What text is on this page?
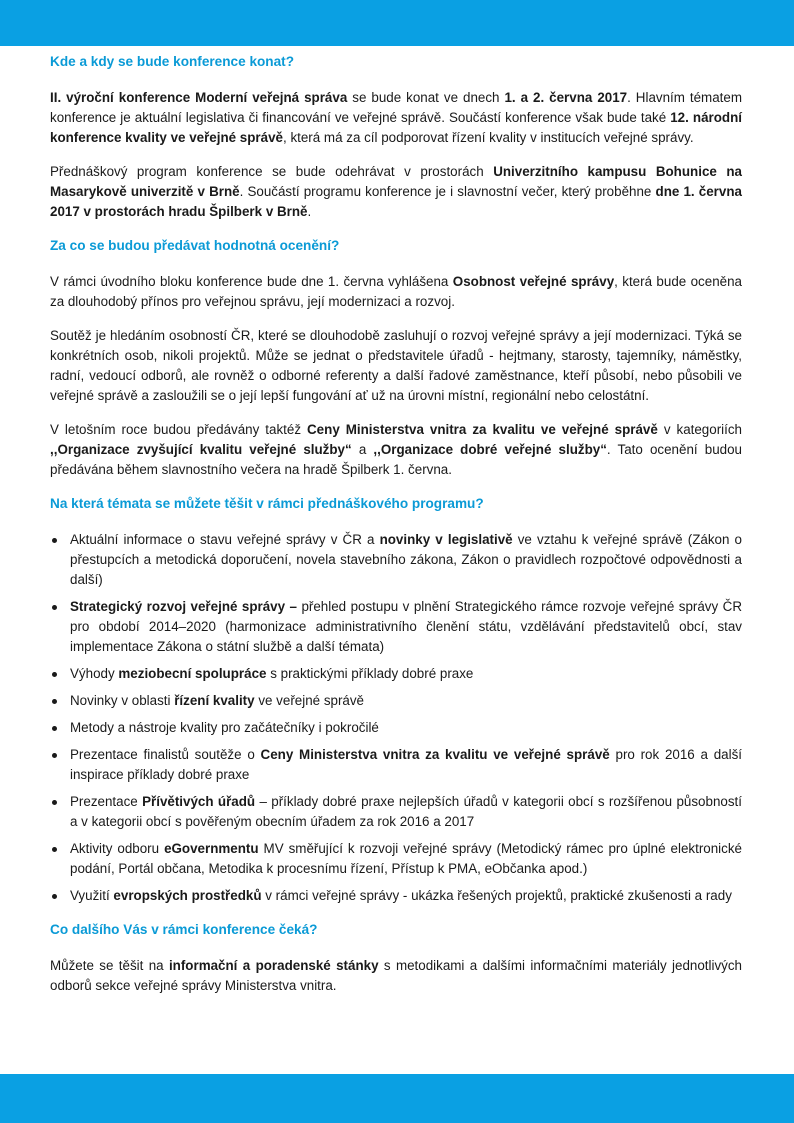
Kde a kdy se bude konference konat?

II. výroční konference Moderní veřejná správa se bude konat ve dnech 1. a 2. června 2017. Hlavním tématem konference je aktuální legislativa či financování ve veřejné správě. Součástí konference však bude také 12. národní konference kvality ve veřejné správě, která má za cíl podporovat řízení kvality v institucích veřejné správy.

Přednáškový program konference se bude odehrávat v prostorách Univerzitního kampusu Bohunice na Masarykově univerzitě v Brně. Součástí programu konference je i slavnostní večer, který proběhne dne 1. června 2017 v prostorách hradu Špilberk v Brně.

Za co se budou předávat hodnotná ocenění?

V rámci úvodního bloku konference bude dne 1. června vyhlášena Osobnost veřejné správy, která bude oceněna za dlouhodobý přínos pro veřejnou správu, její modernizaci a rozvoj.

Soutěž je hledáním osobností ČR, které se dlouhodobě zasluhují o rozvoj veřejné správy a její modernizaci. Týká se konkrétních osob, nikoli projektů. Může se jednat o představitele úřadů - hejtmany, starosty, tajemníky, náměstky, radní, vedoucí odborů, ale rovněž o odborné referenty a další řadové zaměstnance, kteří působí, nebo působili ve veřejné správě a zasloužili se o její lepší fungování ať už na úrovni místní, regionální nebo celostátní.

V letošním roce budou předávány taktéž Ceny Ministerstva vnitra za kvalitu ve veřejné správě v kategoriích ,,Organizace zvyšující kvalitu veřejné služby“ a ,,Organizace dobré veřejné služby“. Tato ocenění budou předávána během slavnostního večera na hradě Špilberk 1. června.

Na která témata se můžete těšit v rámci přednáškového programu?
Aktuální informace o stavu veřejné správy v ČR a novinky v legislativě ve vztahu k veřejné správě (Zákon o přestupcích a metodická doporučení, novela stavebního zákona, Zákon o pravidlech rozpočtové odpovědnosti a další)
Strategický rozvoj veřejné správy – přehled postupu v plnění Strategického rámce rozvoje veřejné správy ČR pro období 2014–2020 (harmonizace administrativního členění státu, vzdělávání představitelů obcí, stav implementace Zákona o státní službě a další témata)
Výhody meziobecní spolupráce s praktickými příklady dobré praxe
Novinky v oblasti řízení kvality ve veřejné správě
Metody a nástroje kvality pro začátečníky i pokročilé
Prezentace finalistů soutěže o Ceny Ministerstva vnitra za kvalitu ve veřejné správě pro rok 2016 a další inspirace příklady dobré praxe
Prezentace Přívětivých úřadů – příklady dobré praxe nejlepších úřadů v kategorii obcí s rozšířenou působností a v kategorii obcí s pověřeným obecním úřadem za rok 2016 a 2017
Aktivity odboru eGovernmentu MV směřující k rozvoji veřejné správy (Metodický rámec pro úplné elektronické podání, Portál občana, Metodika k procesnímu řízení, Přístup k PMA, eObčanka apod.)
Využití evropských prostředků v rámci veřejné správy - ukázka řešených projektů, praktické zkušenosti a rady
Co dalšího Vás v rámci konference čeká?

Můžete se těšit na informační a poradenské stánky s metodikami a dalšími informačními materiály jednotlivých odborů sekce veřejné správy Ministerstva vnitra.
